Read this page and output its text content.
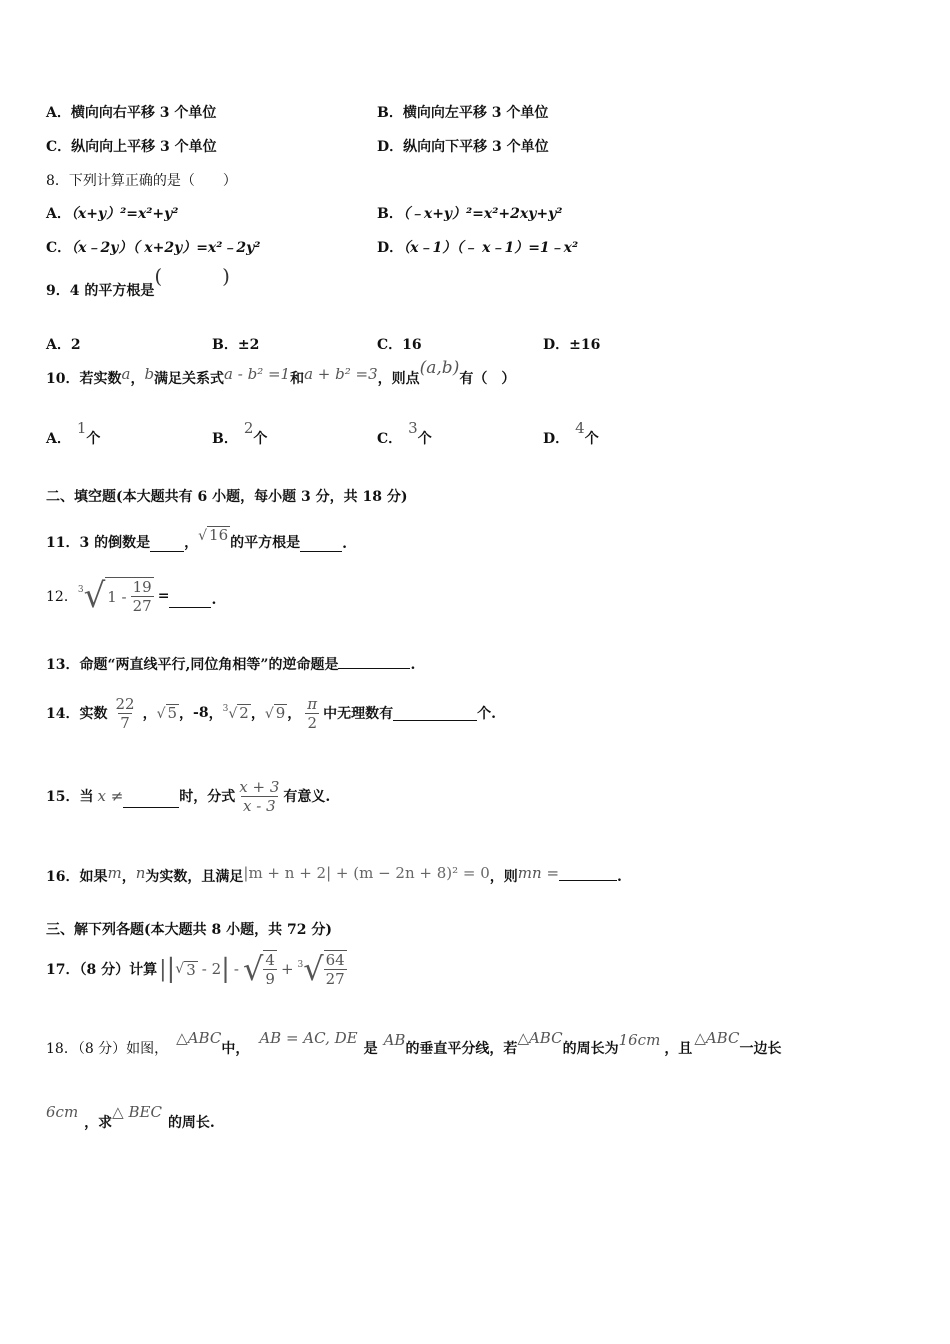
A．横向向右平移 3 个单位	B．横向向左平移 3 个单位
C．纵向向上平移 3 个单位	D．纵向向下平移 3 个单位
8．下列计算正确的是（　　）
A．（x+y）²=x²+y²	B．（﹣x+y）²=x²+2xy+y²
C．（x﹣2y）（ x+2y）=x²﹣2y²	D．（x﹣1）（﹣ x﹣1）=1﹣x²
9．4 的平方根是(　　　)
A．2	B．±2	C．16	D．±16
10．若实数a，b满足关系式a - b² =1和a + b² =3，则点(a,b)有（　）
A．1个	B．2个	C．3个	D．4个
二、填空题(本大题共有 6 小题，每小题 3 分，共 18 分)
11．3 的倒数是 ， √ 16 的平方根是	.
12． 3 √ $1 - \frac{19}{27}$ =	.
13．命题“两直线平行,同位角相等”的逆命题是	.
14．实数 $\frac{22}{7}$ ， √ 5 ， -8 ， $^3$√ 2 ， √ 9 ， $\frac{\pi}{2}$ 中无理数有	个.
15．当 x ≠	时，分式 $\frac{x + 3}{x - 3}$ 有意义.
16．如果m，n为实数，且满足|m + n + 2| + (m − 2n + 8)² = 0，则mn =	.
三、解下列各题(本大题共 8 小题，共 72 分)
17．（8 分）计算 | | √ 3 - 2 | - √ $\frac{4}{9} + 3$ √ $\frac{64}{27}$
18．（8 分）如图，△ABC中，AB = AC, DE是 AB的垂直平分线，若△ABC的周长为16cm ，且△ABC一边长
6cm，求△ BEC的周长.
